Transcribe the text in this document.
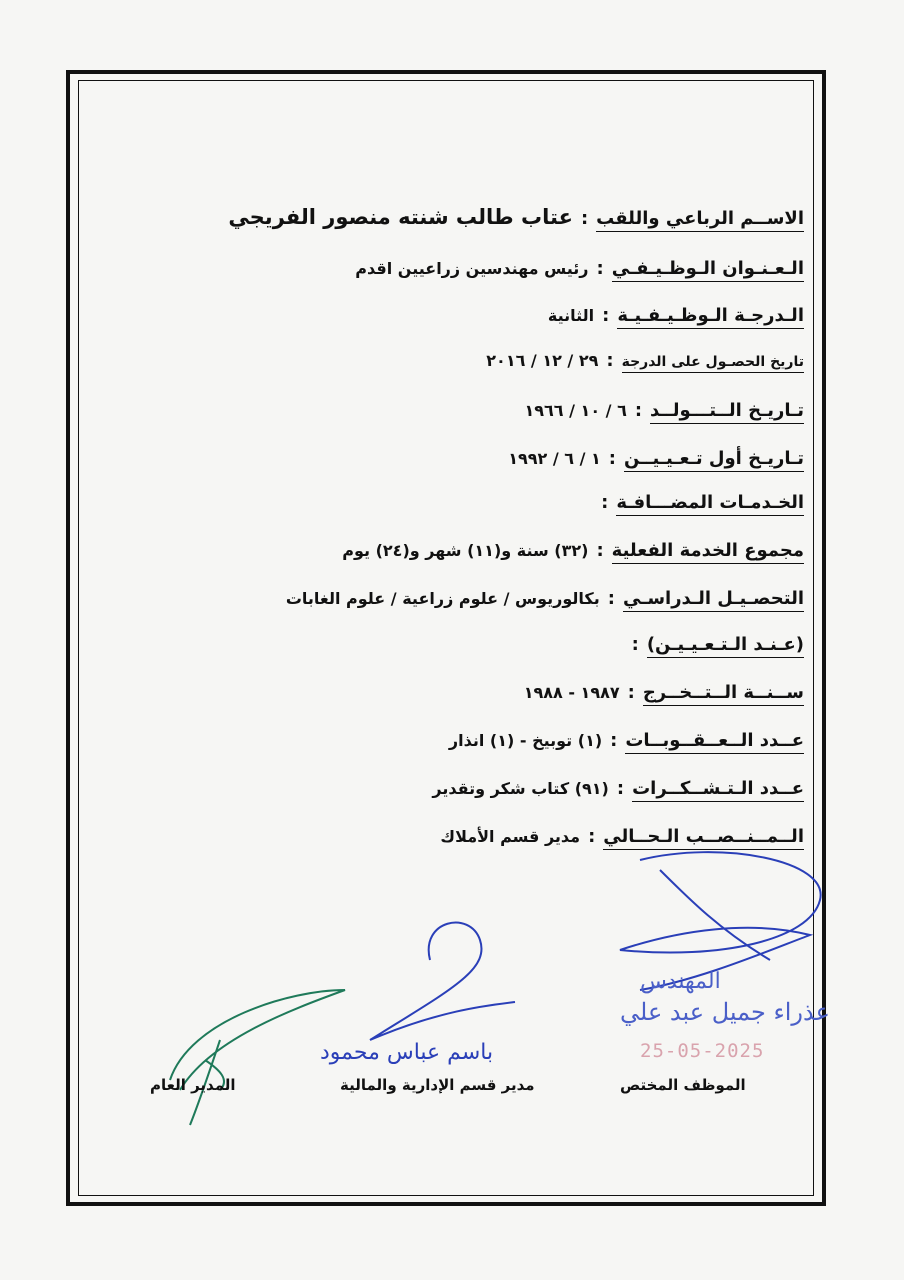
الاســم الرباعي واللقب
:
عتاب طالب شنته منصور الفريجي
الـعـنـوان الـوظـيـفـي
:
رئيس مهندسين زراعيين اقدم
الـدرجـة الـوظـيـفـيـة
:
الثانية
تاريخ الحصـول على الدرجة
:
٢٩ / ١٢ / ٢٠١٦
تـاريـخ الــتـــولــد
:
٦ / ١٠ / ١٩٦٦
تـاريـخ أول تـعـيـيــن
:
١ / ٦ / ١٩٩٢
الخـدمـات المضـــافـة
:
مجموع الخدمة الفعلية
:
(٣٢) سنة و(١١) شهر و(٢٤) يوم
التحصـيـل الـدراسـي
:
بكالوريوس / علوم زراعية / علوم الغابات
(عـنـد الـتـعـيـيـن)
:
ســنــة الــتــخــرج
:
١٩٨٧ - ١٩٨٨
عــدد الــعــقــوبــات
:
(١) توبيخ - (١) انذار
عــدد الـتـشــكــرات
:
(٩١) كتاب شكر وتقدير
الــمــنــصــب الـحــالي
:
مدير قسم الأملاك
المهندس
عذراء جميل عبد علي
25-05-2025
باسم عباس محمود
الموظف المختص
مدير قسم الإدارية والمالية
المدير العام
